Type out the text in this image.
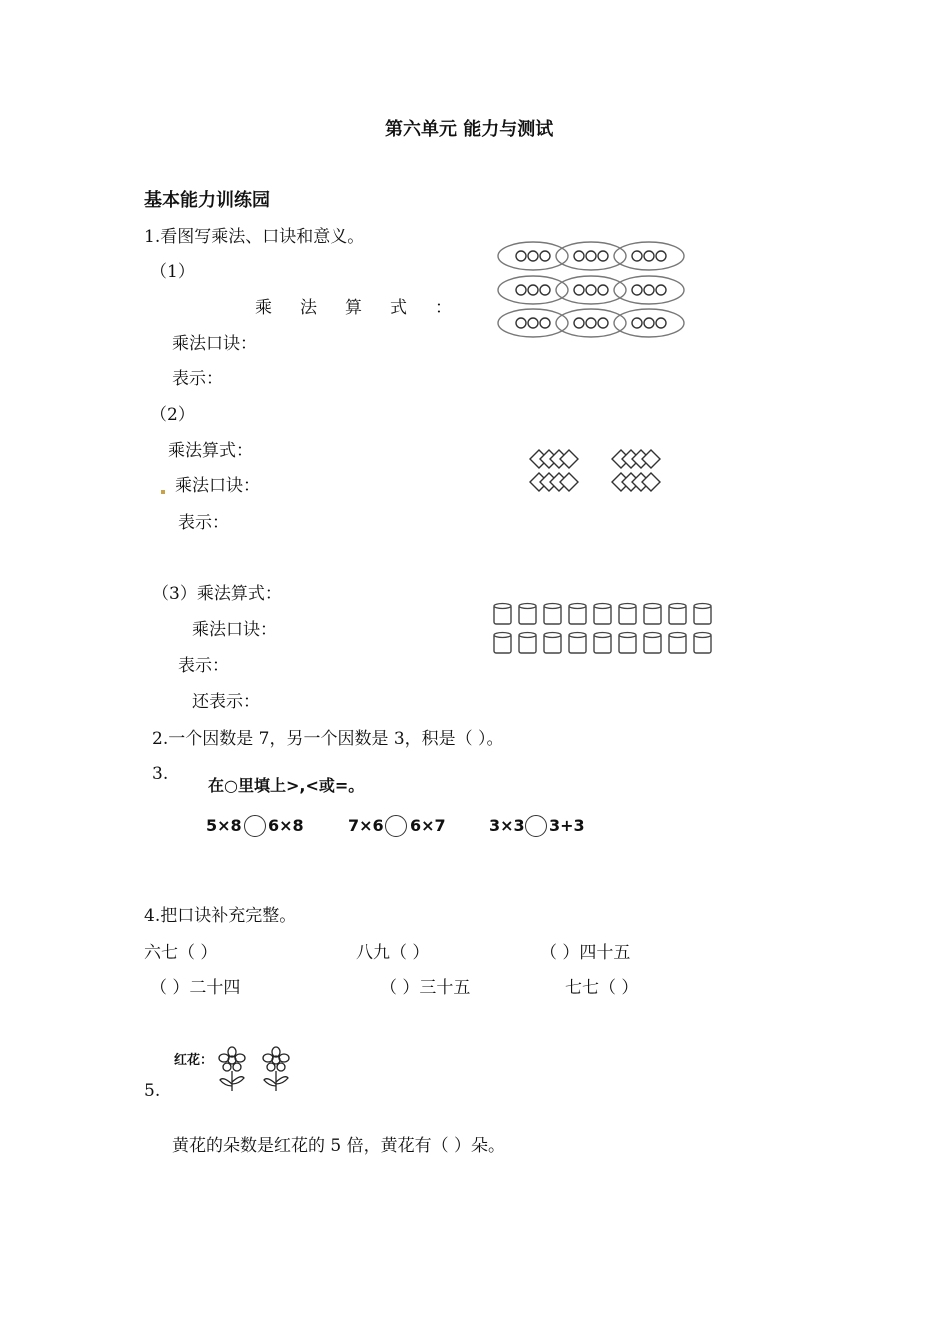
第六单元 能力与测试
基本能力训练园
1.看图写乘法、口诀和意义。
（1）
乘法算式：
乘法口诀：
表示：
（2）
乘法算式：
乘法口诀：
表示：
（3）乘法算式：
乘法口诀：
表示：
还表示：
2.一个因数是 7，另一个因数是 3，积是（ ）。
3.
在○里填上>,<或=。
5×8 6×8	7×6 6×7	3×3 3+3
4.把口诀补充完整。
六七（ ）	八九（ ）	（ ）四十五
（ ）二十四	（ ）三十五	七七（ ）
红花：
5.
黄花的朵数是红花的 5 倍，黄花有（ ）朵。
